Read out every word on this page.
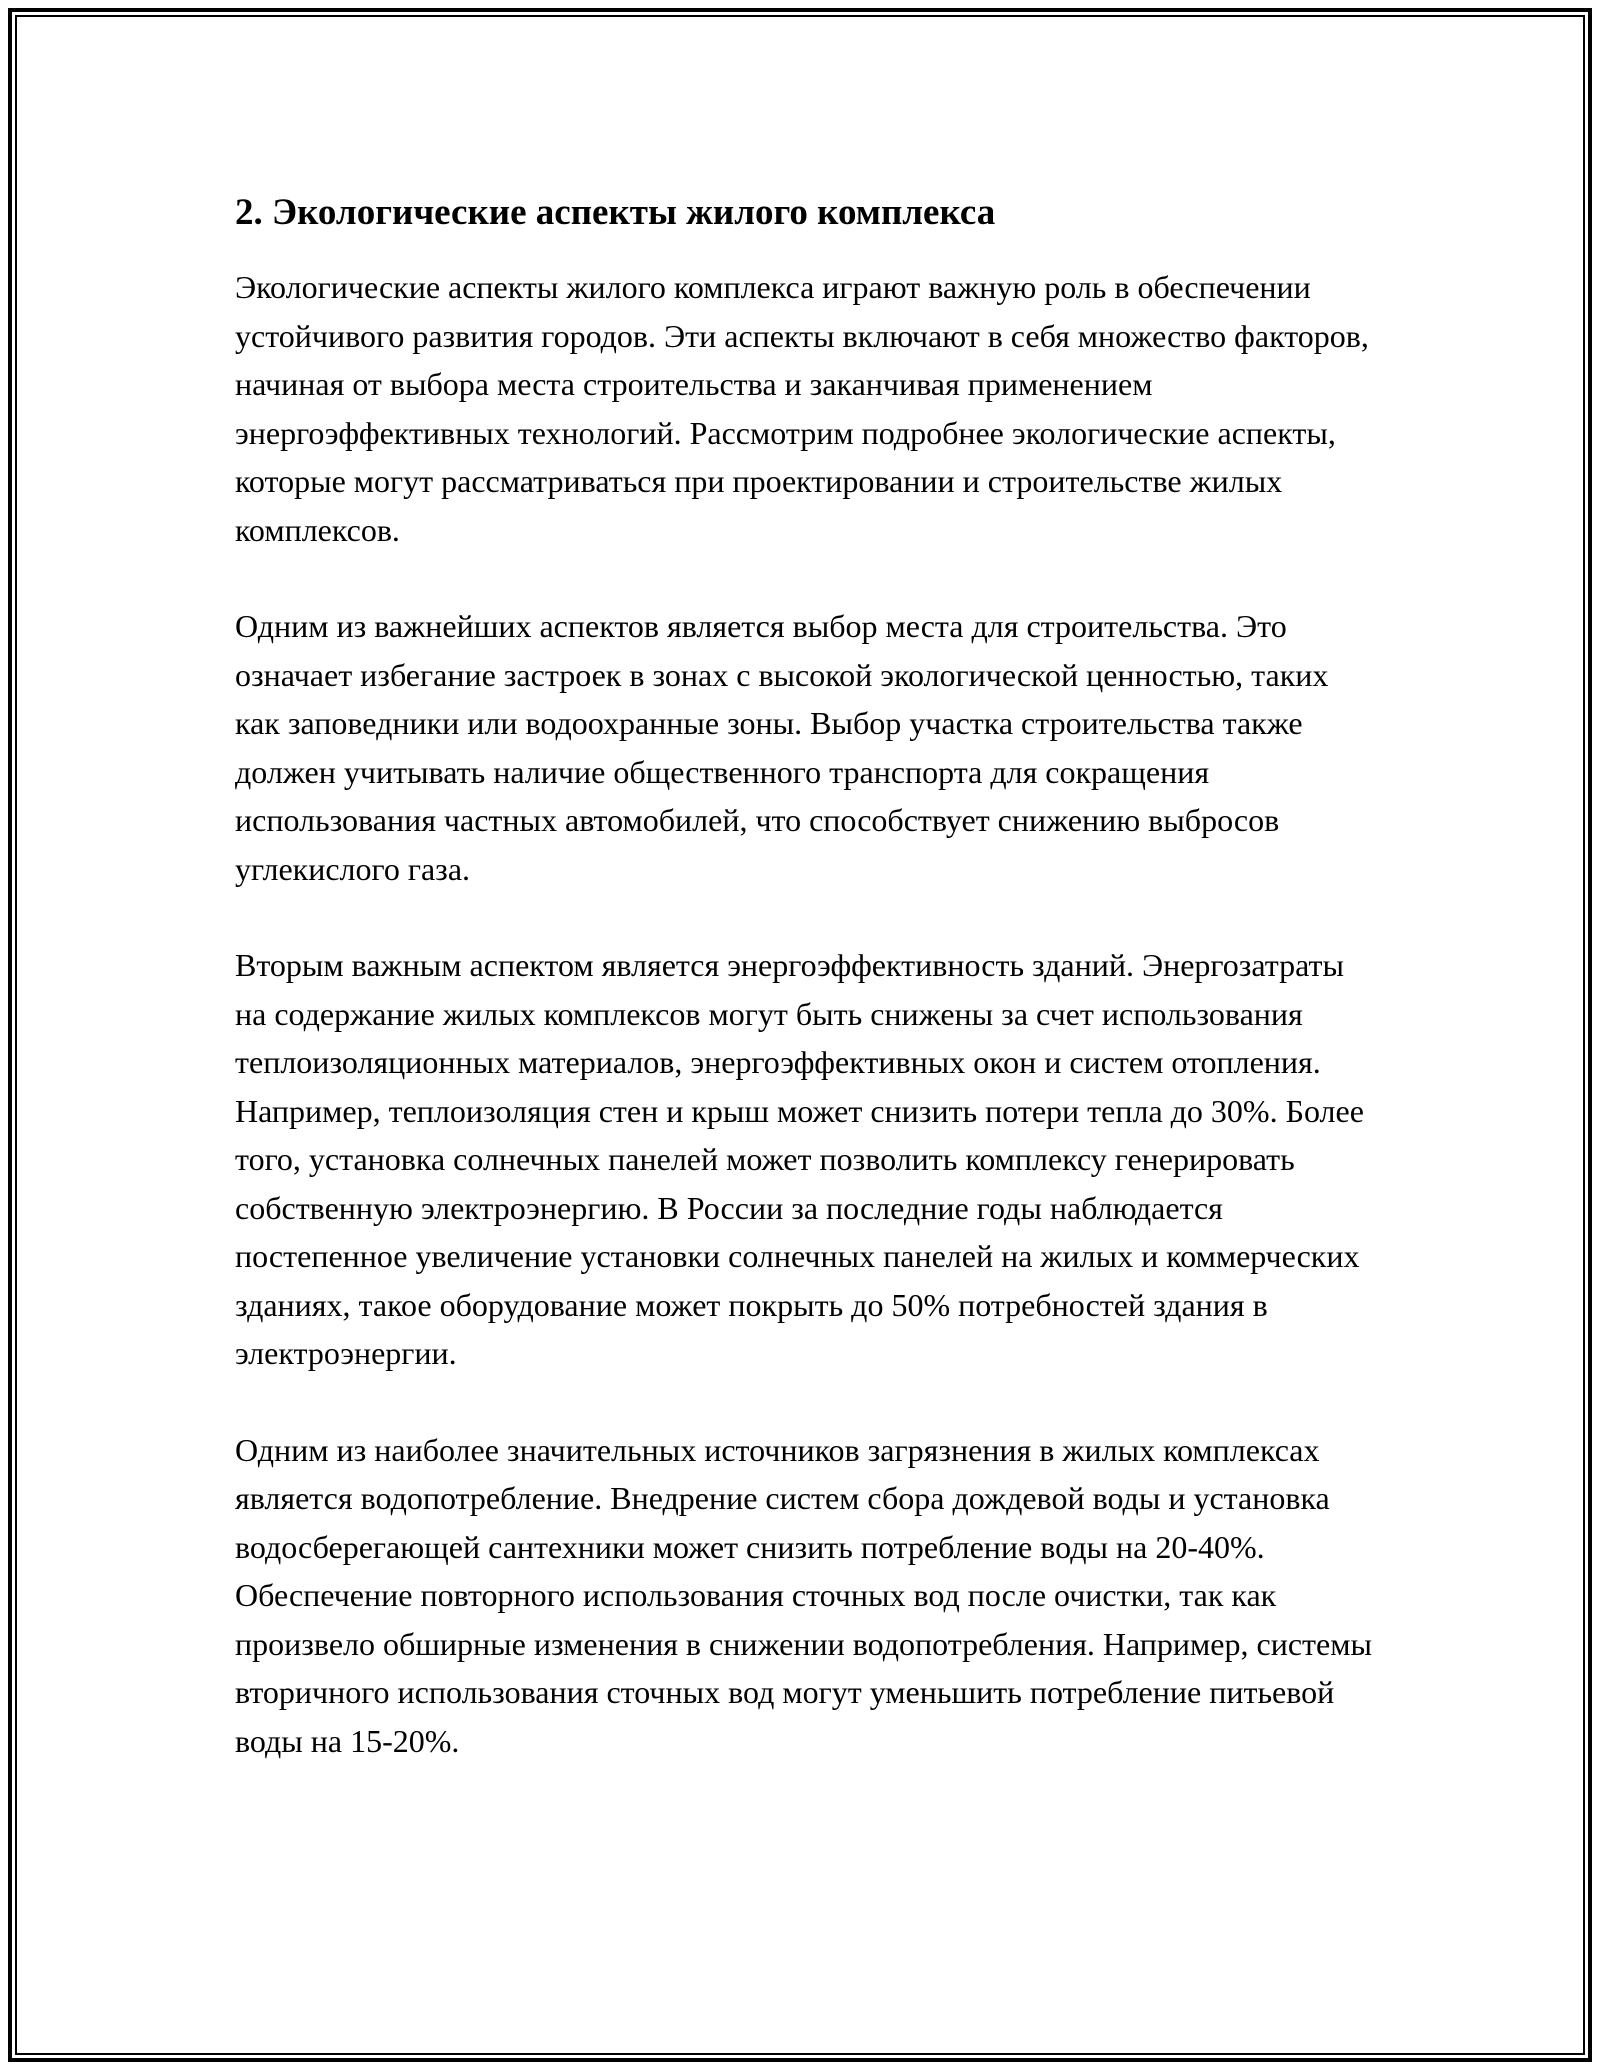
2. Экологические аспекты жилого комплекса

Экологические аспекты жилого комплекса играют важную роль в обеспечении устойчивого развития городов. Эти аспекты включают в себя множество факторов, начиная от выбора места строительства и заканчивая применением энергоэффективных технологий. Рассмотрим подробнее экологические аспекты, которые могут рассматриваться при проектировании и строительстве жилых комплексов.

Одним из важнейших аспектов является выбор места для строительства. Это означает избегание застроек в зонах с высокой экологической ценностью, таких как заповедники или водоохранные зоны. Выбор участка строительства также должен учитывать наличие общественного транспорта для сокращения использования частных автомобилей, что способствует снижению выбросов углекислого газа.

Вторым важным аспектом является энергоэффективность зданий. Энергозатраты на содержание жилых комплексов могут быть снижены за счет использования теплоизоляционных материалов, энергоэффективных окон и систем отопления. Например, теплоизоляция стен и крыш может снизить потери тепла до 30%. Более того, установка солнечных панелей может позволить комплексу генерировать собственную электроэнергию. В России за последние годы наблюдается постепенное увеличение установки солнечных панелей на жилых и коммерческих зданиях, такое оборудование может покрыть до 50% потребностей здания в электроэнергии.

Одним из наиболее значительных источников загрязнения в жилых комплексах является водопотребление. Внедрение систем сбора дождевой воды и установка водосберегающей сантехники может снизить потребление воды на 20-40%. Обеспечение повторного использования сточных вод после очистки, так как произвело обширные изменения в снижении водопотребления. Например, системы вторичного использования сточных вод могут уменьшить потребление питьевой воды на 15-20%.
